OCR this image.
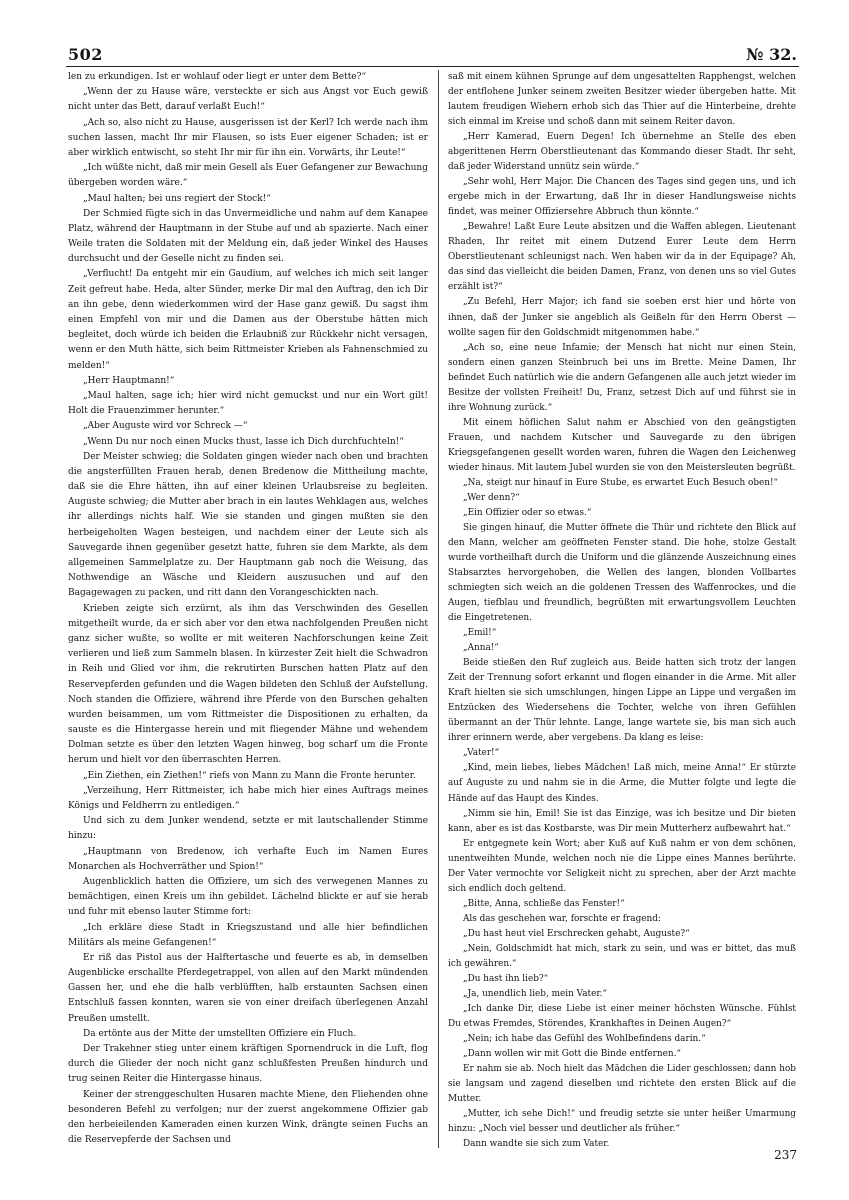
502	№ 32.

len zu erkundigen. Ist er wohlauf oder liegt er unter dem Bette?“

„Wenn der zu Hause wäre, versteckte er sich aus Angst vor Euch gewiß nicht unter das Bett, darauf verlaßt Euch!“

„Ach so, also nicht zu Hause, ausgerissen ist der Kerl? Ich werde nach ihm suchen lassen, macht Ihr mir Flausen, so ists Euer eigener Schaden; ist er aber wirklich entwischt, so steht Ihr mir für ihn ein. Vorwärts, ihr Leute!“

„Ich wüßte nicht, daß mir mein Gesell als Euer Gefangener zur Bewachung übergeben worden wäre.“

„Maul halten; bei uns regiert der Stock!“

Der Schmied fügte sich in das Unvermeidliche und nahm auf dem Kanapee Platz, während der Hauptmann in der Stube auf und ab spazierte. Nach einer Weile traten die Soldaten mit der Meldung ein, daß jeder Winkel des Hauses durchsucht und der Geselle nicht zu finden sei.

„Verflucht! Da entgeht mir ein Gaudium, auf welches ich mich seit langer Zeit gefreut habe. Heda, alter Sünder, merke Dir mal den Auftrag, den ich Dir an ihn gebe, denn wiederkommen wird der Hase ganz gewiß. Du sagst ihm einen Empfehl von mir und die Damen aus der Oberstube hätten mich begleitet, doch würde ich beiden die Erlaubniß zur Rückkehr nicht versagen, wenn er den Muth hätte, sich beim Rittmeister Krieben als Fahnenschmied zu melden!“

„Herr Hauptmann!“

„Maul halten, sage ich; hier wird nicht gemuckst und nur ein Wort gilt! Holt die Frauenzimmer herunter.“

„Aber Auguste wird vor Schreck —“

„Wenn Du nur noch einen Mucks thust, lasse ich Dich durchfuchteln!“

Der Meister schwieg; die Soldaten gingen wieder nach oben und brachten die angsterfüllten Frauen herab, denen Bredenow die Mittheilung machte, daß sie die Ehre hätten, ihn auf einer kleinen Urlaubsreise zu begleiten. Auguste schwieg; die Mutter aber brach in ein lautes Wehklagen aus, welches ihr allerdings nichts half. Wie sie standen und gingen mußten sie den herbeigeholten Wagen besteigen, und nachdem einer der Leute sich als Sauvegarde ihnen gegenüber gesetzt hatte, fuhren sie dem Markte, als dem allgemeinen Sammelplatze zu. Der Hauptmann gab noch die Weisung, das Nothwendige an Wäsche und Kleidern auszusuchen und auf den Bagagewagen zu packen, und ritt dann den Vorangeschickten nach.

Krieben zeigte sich erzürnt, als ihm das Verschwinden des Gesellen mitgetheilt wurde, da er sich aber vor den etwa nachfolgenden Preußen nicht ganz sicher wußte, so wollte er mit weiteren Nachforschungen keine Zeit verlieren und ließ zum Sammeln blasen. In kürzester Zeit hielt die Schwadron in Reih und Glied vor ihm, die rekrutirten Burschen hatten Platz auf den Reservepferden gefunden und die Wagen bildeten den Schluß der Aufstellung. Noch standen die Offiziere, während ihre Pferde von den Burschen gehalten wurden beisammen, um vom Rittmeister die Dispositionen zu erhalten, da sauste es die Hintergasse herein und mit fliegender Mähne und wehendem Dolman setzte es über den letzten Wagen hinweg, bog scharf um die Fronte herum und hielt vor den überraschten Herren.

„Ein Ziethen, ein Ziethen!“ riefs von Mann zu Mann die Fronte herunter.

„Verzeihung, Herr Rittmeister, ich habe mich hier eines Auftrags meines Königs und Feldherrn zu entledigen.“

Und sich zu dem Junker wendend, setzte er mit lautschallender Stimme hinzu:

„Hauptmann von Bredenow, ich verhafte Euch im Namen Eures Monarchen als Hochverräther und Spion!“

Augenblicklich hatten die Offiziere, um sich des verwegenen Mannes zu bemächtigen, einen Kreis um ihn gebildet. Lächelnd blickte er auf sie herab und fuhr mit ebenso lauter Stimme fort:

„Ich erkläre diese Stadt in Kriegszustand und alle hier befindlichen Militärs als meine Gefangenen!“

Er riß das Pistol aus der Halftertasche und feuerte es ab, in demselben Augenblicke erschallte Pferdegetrappel, von allen auf den Markt mündenden Gassen her, und ehe die halb verblüfften, halb erstaunten Sachsen einen Entschluß fassen konnten, waren sie von einer dreifach überlegenen Anzahl Preußen umstellt.

Da ertönte aus der Mitte der umstellten Offiziere ein Fluch.

Der Trakehner stieg unter einem kräftigen Spornendruck in die Luft, flog durch die Glieder der noch nicht ganz schlußfesten Preußen hindurch und trug seinen Reiter die Hintergasse hinaus.

Keiner der strenggeschulten Husaren machte Miene, den Fliehenden ohne besonderen Befehl zu verfolgen; nur der zuerst angekommene Offizier gab den herbeieilenden Kameraden einen kurzen Wink, drängte seinen Fuchs an die Reservepferde der Sachsen und

saß mit einem kühnen Sprunge auf dem ungesattelten Rapphengst, welchen der entflohene Junker seinem zweiten Besitzer wieder übergeben hatte. Mit lautem freudigen Wiehern erhob sich das Thier auf die Hinterbeine, drehte sich einmal im Kreise und schoß dann mit seinem Reiter davon.

„Herr Kamerad, Euern Degen! Ich übernehme an Stelle des eben abgerittenen Herrn Oberstlieutenant das Kommando dieser Stadt. Ihr seht, daß jeder Widerstand unnütz sein würde.“

„Sehr wohl, Herr Major. Die Chancen des Tages sind gegen uns, und ich ergebe mich in der Erwartung, daß Ihr in dieser Handlungsweise nichts findet, was meiner Offiziersehre Abbruch thun könnte.“

„Bewahre! Laßt Eure Leute absitzen und die Waffen ablegen. Lieutenant Rhaden, Ihr reitet mit einem Dutzend Eurer Leute dem Herrn Oberstlieutenant schleunigst nach. Wen haben wir da in der Equipage? Ah, das sind das vielleicht die beiden Damen, Franz, von denen uns so viel Gutes erzählt ist?“

„Zu Befehl, Herr Major; ich fand sie soeben erst hier und hörte von ihnen, daß der Junker sie angeblich als Geißeln für den Herrn Oberst — wollte sagen für den Goldschmidt mitgenommen habe.“

„Ach so, eine neue Infamie; der Mensch hat nicht nur einen Stein, sondern einen ganzen Steinbruch bei uns im Brette. Meine Damen, Ihr befindet Euch natürlich wie die andern Gefangenen alle auch jetzt wieder im Besitze der vollsten Freiheit! Du, Franz, setzest Dich auf und führst sie in ihre Wohnung zurück.“

Mit einem höflichen Salut nahm er Abschied von den geängstigten Frauen, und nachdem Kutscher und Sauvegarde zu den übrigen Kriegsgefangenen gesellt worden waren, fuhren die Wagen den Leichenweg wieder hinaus. Mit lautem Jubel wurden sie von den Meistersleuten begrüßt.

„Na, steigt nur hinauf in Eure Stube, es erwartet Euch Besuch oben!“

„Wer denn?“

„Ein Offizier oder so etwas.“

Sie gingen hinauf, die Mutter öffnete die Thür und richtete den Blick auf den Mann, welcher am geöffneten Fenster stand. Die hohe, stolze Gestalt wurde vortheilhaft durch die Uniform und die glänzende Auszeichnung eines Stabsarztes hervorgehoben, die Wellen des langen, blonden Vollbartes schmiegten sich weich an die goldenen Tressen des Waffenrockes, und die Augen, tiefblau und freundlich, begrüßten mit erwartungsvollem Leuchten die Eingetretenen.

„Emil!“

„Anna!“

Beide stießen den Ruf zugleich aus. Beide hatten sich trotz der langen Zeit der Trennung sofort erkannt und flogen einander in die Arme. Mit aller Kraft hielten sie sich umschlungen, hingen Lippe an Lippe und vergaßen im Entzücken des Wiedersehens die Tochter, welche von ihren Gefühlen übermannt an der Thür lehnte. Lange, lange wartete sie, bis man sich auch ihrer erinnern werde, aber vergebens. Da klang es leise:

„Vater!“

„Kind, mein liebes, liebes Mädchen! Laß mich, meine Anna!“ Er stürzte auf Auguste zu und nahm sie in die Arme, die Mutter folgte und legte die Hände auf das Haupt des Kindes.

„Nimm sie hin, Emil! Sie ist das Einzige, was ich besitze und Dir bieten kann, aber es ist das Kostbarste, was Dir mein Mutterherz aufbewahrt hat.“

Er entgegnete kein Wort; aber Kuß auf Kuß nahm er von dem schönen, unentweihten Munde, welchen noch nie die Lippe eines Mannes berührte. Der Vater vermochte vor Seligkeit nicht zu sprechen, aber der Arzt machte sich endlich doch geltend.

„Bitte, Anna, schließe das Fenster!“

Als das geschehen war, forschte er fragend:

„Du hast heut viel Erschrecken gehabt, Auguste?“

„Nein, Goldschmidt hat mich, stark zu sein, und was er bittet, das muß ich gewähren.“

„Du hast ihn lieb?“

„Ja, unendlich lieb, mein Vater.“

„Ich danke Dir, diese Liebe ist einer meiner höchsten Wünsche. Fühlst Du etwas Fremdes, Störendes, Krankhaftes in Deinen Augen?“

„Nein; ich habe das Gefühl des Wohlbefindens darin.“

„Dann wollen wir mit Gott die Binde entfernen.“

Er nahm sie ab. Noch hielt das Mädchen die Lider geschlossen; dann hob sie langsam und zagend dieselben und richtete den ersten Blick auf die Mutter.

„Mutter, ich sehe Dich!“ und freudig setzte sie unter heißer Umarmung hinzu: „Noch viel besser und deutlicher als früher.“

Dann wandte sie sich zum Vater.

237
